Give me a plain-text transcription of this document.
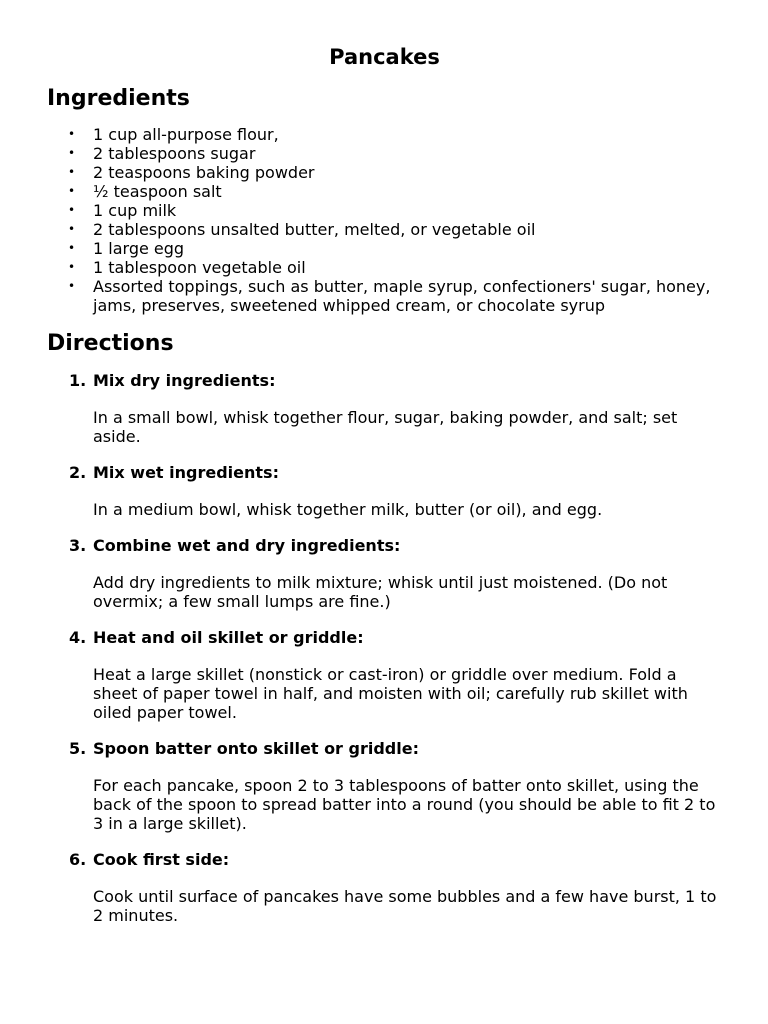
Pancakes
Ingredients
• 1 cup all-purpose flour,
• 2 tablespoons sugar
• 2 teaspoons baking powder
• ½ teaspoon salt
• 1 cup milk
• 2 tablespoons unsalted butter, melted, or vegetable oil
• 1 large egg
• 1 tablespoon vegetable oil
• Assorted toppings, such as butter, maple syrup, confectioners' sugar, honey, jams, preserves, sweetened whipped cream, or chocolate syrup
Directions
1. Mix dry ingredients:

In a small bowl, whisk together flour, sugar, baking powder, and salt; set aside.

2. Mix wet ingredients:

In a medium bowl, whisk together milk, butter (or oil), and egg.

3. Combine wet and dry ingredients:

Add dry ingredients to milk mixture; whisk until just moistened. (Do not overmix; a few small lumps are fine.)

4. Heat and oil skillet or griddle:

Heat a large skillet (nonstick or cast-iron) or griddle over medium. Fold a sheet of paper towel in half, and moisten with oil; carefully rub skillet with oiled paper towel.

5. Spoon batter onto skillet or griddle:

For each pancake, spoon 2 to 3 tablespoons of batter onto skillet, using the back of the spoon to spread batter into a round (you should be able to fit 2 to 3 in a large skillet).

6. Cook first side:

Cook until surface of pancakes have some bubbles and a few have burst, 1 to 2 minutes.
